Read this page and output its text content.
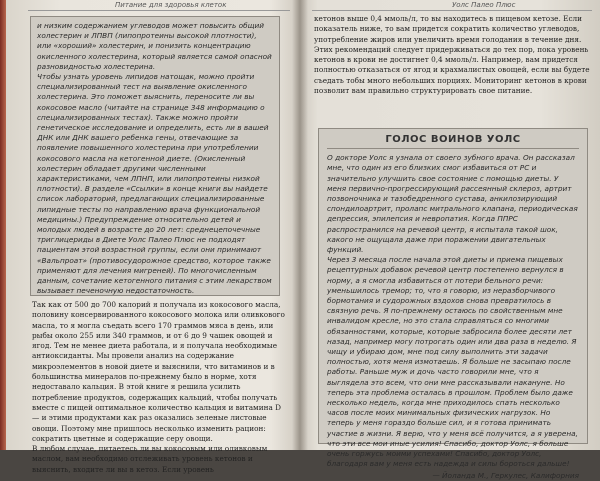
Питание для здоровья клеток

и низким содержанием углеводов может повысить общий холестерин и ЛПВП (липопротеины высокой плотности), или «хороший» холестерин, и понизить концентрацию окисленного холестерина, который является самой опасной разновидностью холестерина.
Чтобы узнать уровень липидов натощак, можно пройти специализированный тест на выявление окисленного холестерина. Это поможет выяснить, переносите ли вы кокосовое масло (читайте на странице 348 информацию о специализированных тестах). Также можно пройти генетическое исследование и определить, есть ли в вашей ДНК или ДНК вашего ребенка гены, отвечающие за появление повышенного холестерина при употреблении кокосового масла на кетогенной диете. (Окисленный холестерин обладает другими численными характеристиками, чем ЛПНП, или липопротеины низкой плотности). В разделе «Ссылки» в конце книги вы найдете список лабораторий, предлагающих специализированные липидные тесты по направлению врача функциональной медицины.) Предупреждение относительно детей и молодых людей в возрасте до 20 лет: среднецепочечные триглицериды в Диете Уолс Палео Плюс не подходят пациентам этой возрастной группы, если они принимают «Вальпроат» (противосудорожное средство, которое также применяют для лечения мигреней). По многочисленным данным, сочетание кетогенного питания с этим лекарством вызывает печеночную недостаточность.

Так как от 500 до 700 калорий я получала из кокосового масла, половину консервированного кокосового молока или оливкового масла, то я могла съедать всего 170 граммов мяса в день, или рыбы около 255 или 340 граммов, и от 6 до 9 чашек овощей и ягод. Тем не менее диета работала, и я получала необходимые антиоксиданты. Мы провели анализ на содержание микроэлементов в новой диете и выяснили, что витаминов и в большинства минералов по-прежнему было в норме, хотя недоставало кальция. В этой книге я решила усилить потребление продуктов, содержащих кальций, чтобы получать вместе с пищей оптимальное количество кальция и витамина D — и этими продуктами как раз оказались зеленые листовые овощи. Поэтому мне пришлось несколько изменить рацион: сократить цветные и содержащие серу овощи.
В любом случае, питаетесь ли вы кокосовым или оливковым маслом, вам необходимо отслеживать уровень кетонов и выяснить, входите ли вы в кетоз. Если уровень

Уолс Палео Плюс

кетонов выше 0,4 ммоль/л, то вы находитесь в пищевом кетозе. Если показатель ниже, то вам придется сократить количество углеводов, употребление жиров или увеличить время голодания в течение дня. Этих рекомендаций следует придерживаться до тех пор, пока уровень кетонов в крови не достигнет 0,4 ммоль/л. Например, вам придется полностью отказаться от ягод и крахмалистых овощей, если вы будете съедать тобы много небольших порциях. Мониторинг кетонов в крови позволит вам правильно структурировать свое питание.

ГОЛОС ВОИНОВ УОЛС

О докторе Уолс я узнала от своего зубного врача. Он рассказал мне, что один из его близких смог избавиться от РС и значительно улучшить свое состояние с помощью диеты. У меня первично-прогрессирующий рассеянный склероз, артрит позвоночника и тазобедренного сустава, анкилозирующий спондилоартрит, пролапс митрального клапана, периодическая депрессия, эпилепсия и невропатия. Когда ППРС распространился на речевой центр, я испытала такой шок, какого не ощущала даже при поражении двигательных функций.
Через 3 месяца после начала этой диеты и приема пищевых рецептурных добавок речевой центр постепенно вернулся в норму, а я смогла избавиться от потери бельного речи: уменьшилось тремор; то, что я говорю, из неразборчивого бормотания и судорожных вздохов снова превратилось в связную речь. Я по-прежнему остаюсь по свойственным мне инвалидом кресле, но это стала справляться со многими обязанностями, которые, которые забросила более десяти лет назад, например могу потрогать один или два раза в неделю. Я чищу и убираю дом, мне под силу выполнить эти задачи полностью, хотя меня измотаешь. Я больше не засыпаю после работы. Раньше муж и дочь часто говорили мне, что я выглядела это всем, что они мне рассказывали накануне. Но теперь эта проблема осталась в прошлом. Проблем было даже несколько недель, когда мне приходилось спать несколько часов после моих минимальных физических нагрузок. Но теперь у меня гораздо больше сил, и я готова принимать участие в жизни. Я верю, что у меня всё получится, а я уверена, что эти все мои иные усилия! Спасибо, доктор Уолс, я больше очень горжусь моими успехами! Спасибо, доктор Уолс, благодаря вам у меня есть надежда и силы бороться дальше!

— Йоланда М., Геркулес, Калифорния
